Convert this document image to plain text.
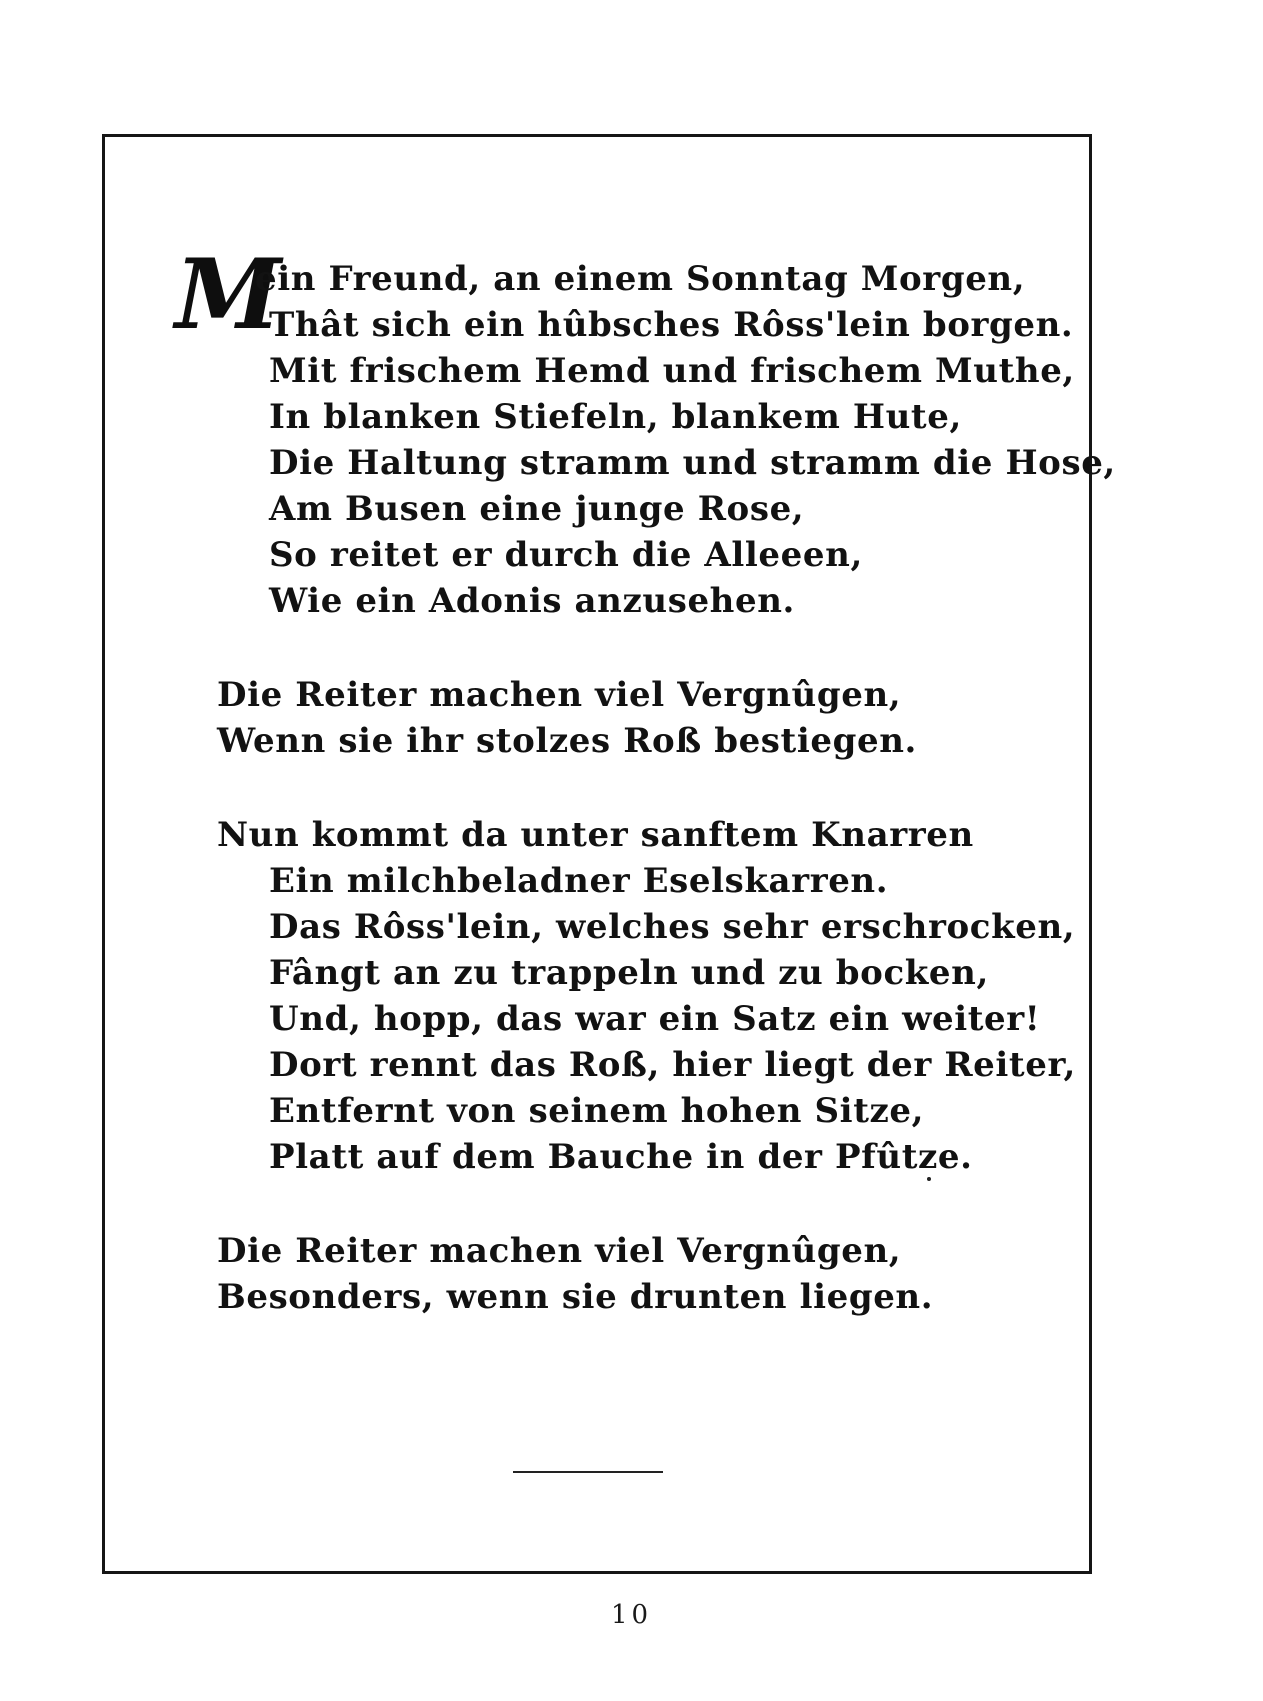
M
ein Freund, an einem Sonntag Morgen,
Thât sich ein hûbsches Rôss'lein borgen.
Mit frischem Hemd und frischem Muthe,
In blanken Stiefeln, blankem Hute,
Die Haltung stramm und stramm die Hose,
Am Busen eine junge Rose,
So reitet er durch die Alleeen,
Wie ein Adonis anzusehen.
Die Reiter machen viel Vergnûgen,
Wenn sie ihr stolzes Roß bestiegen.
Nun kommt da unter sanftem Knarren
Ein milchbeladner Eselskarren.
Das Rôss'lein, welches sehr erschrocken,
Fângt an zu trappeln und zu bocken,
Und, hopp, das war ein Satz ein weiter!
Dort rennt das Roß, hier liegt der Reiter,
Entfernt von seinem hohen Sitze,
Platt auf dem Bauche in der Pfûtze.
Die Reiter machen viel Vergnûgen,
Besonders, wenn sie drunten liegen.
10
